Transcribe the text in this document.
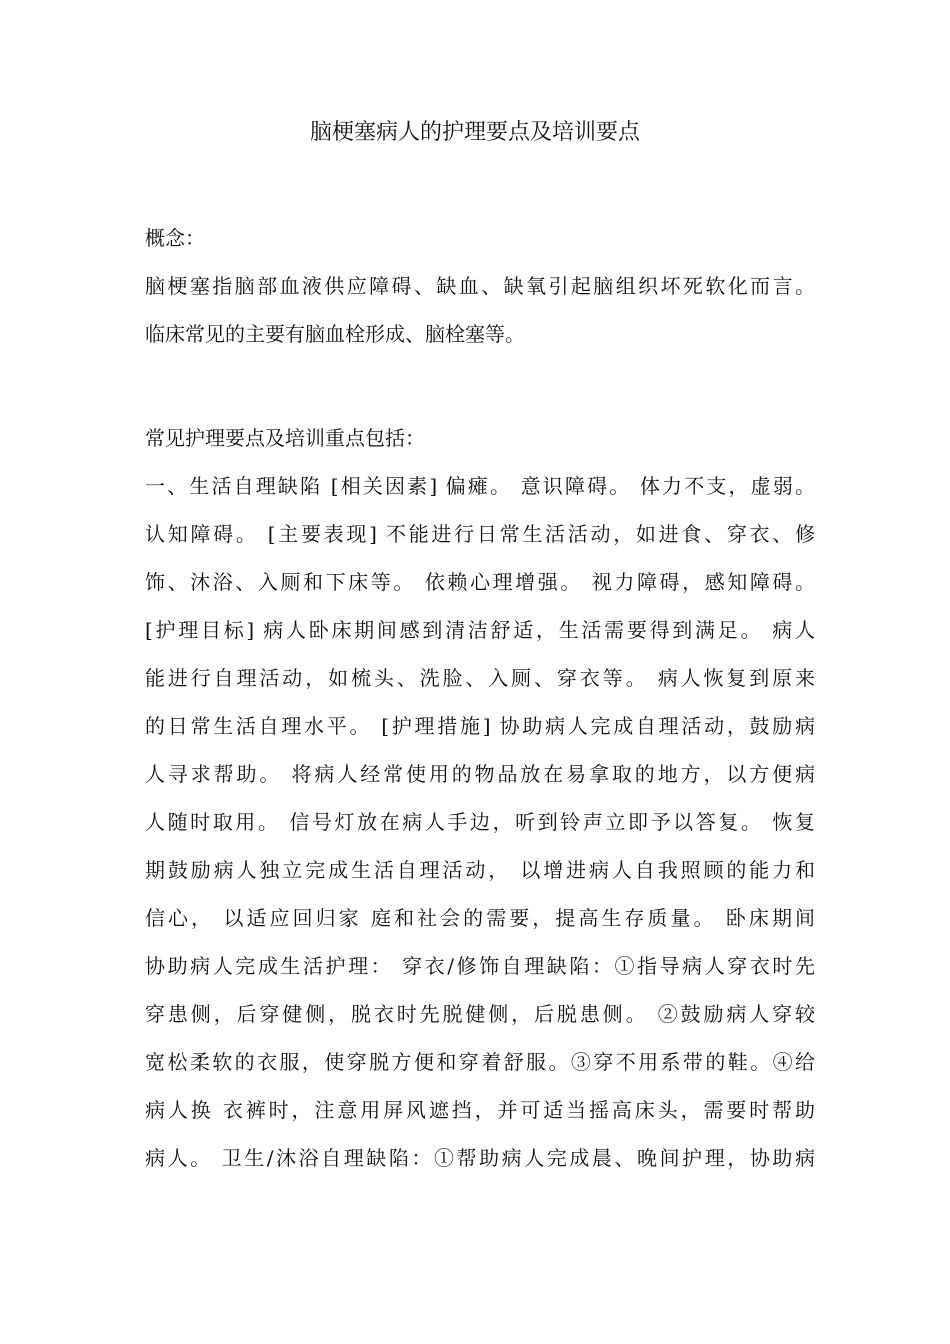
脑梗塞病人的护理要点及培训要点
概念：
脑梗塞指脑部血液供应障碍、缺血、缺氧引起脑组织坏死软化而言。
临床常见的主要有脑血栓形成、脑栓塞等。
常见护理要点及培训重点包括：
一、生活自理缺陷 [相关因素] 偏瘫。 意识障碍。 体力不支，虚弱。
认知障碍。 [主要表现] 不能进行日常生活活动，如进食、穿衣、修
饰、沐浴、入厕和下床等。 依赖心理增强。 视力障碍，感知障碍。
[护理目标] 病人卧床期间感到清洁舒适，生活需要得到满足。 病人
能进行自理活动，如梳头、洗脸、入厕、穿衣等。 病人恢复到原来
的日常生活自理水平。 [护理措施] 协助病人完成自理活动，鼓励病
人寻求帮助。 将病人经常使用的物品放在易拿取的地方，以方便病
人随时取用。 信号灯放在病人手边，听到铃声立即予以答复。 恢复
期鼓励病人独立完成生活自理活动， 以增进病人自我照顾的能力和
信心， 以适应回归家 庭和社会的需要，提高生存质量。 卧床期间
协助病人完成生活护理： 穿衣/修饰自理缺陷：①指导病人穿衣时先
穿患侧，后穿健侧，脱衣时先脱健侧，后脱患侧。 ②鼓励病人穿较
宽松柔软的衣服，使穿脱方便和穿着舒服。③穿不用系带的鞋。④给
病人换 衣裤时，注意用屏风遮挡，并可适当摇高床头，需要时帮助
病人。 卫生/沐浴自理缺陷：①帮助病人完成晨、晚间护理，协助病
